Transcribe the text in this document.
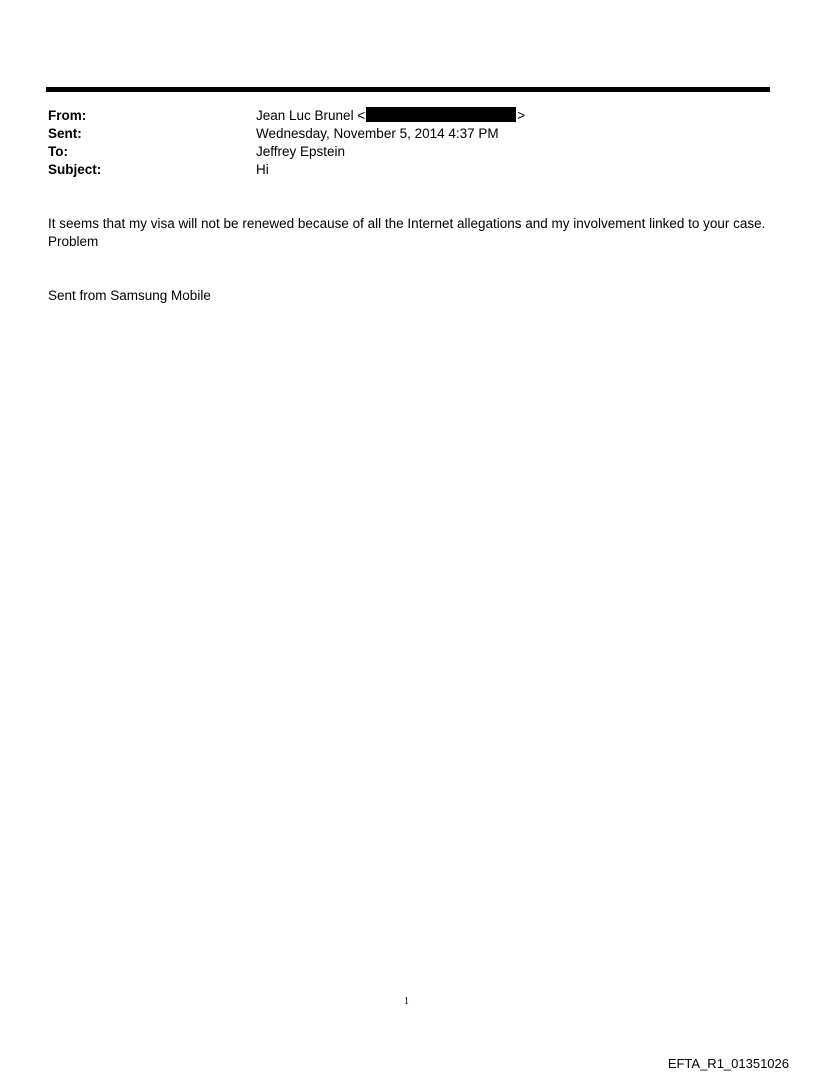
From:	Jean Luc Brunel <	>
Sent:	Wednesday, November 5, 2014 4:37 PM
To:	Jeffrey Epstein
Subject:	Hi

It seems that my visa will not be renewed because of all the Internet allegations and my involvement linked to your case.

Problem

Sent from Samsung Mobile
1
EFTA_R1_01351026
